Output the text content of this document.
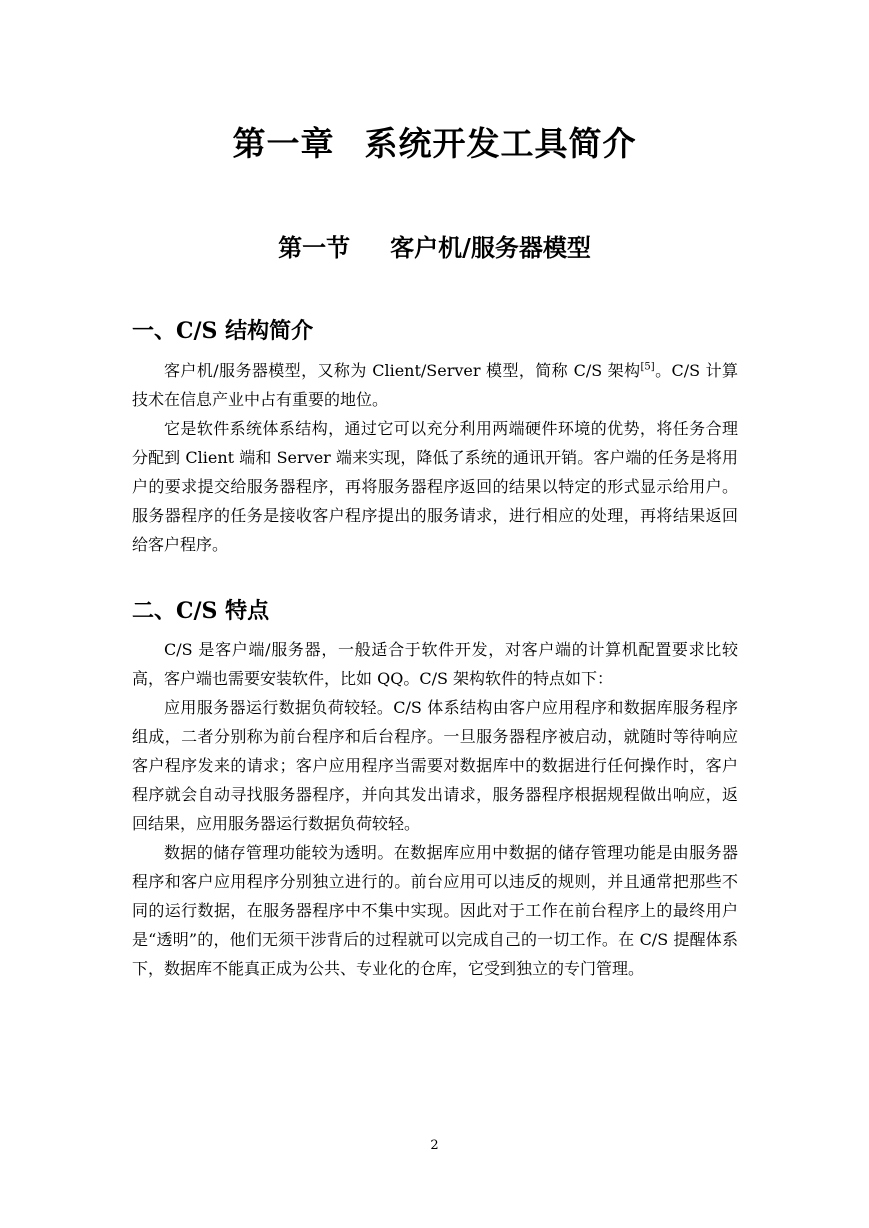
第一章 系统开发工具简介
第一节 客户机/服务器模型
一、C/S 结构简介

客户机/服务器模型，又称为 Client/Server 模型，简称 C/S 架构[5]。C/S 计算技术在信息产业中占有重要的地位。

它是软件系统体系结构，通过它可以充分利用两端硬件环境的优势，将任务合理分配到 Client 端和 Server 端来实现，降低了系统的通讯开销。客户端的任务是将用户的要求提交给服务器程序，再将服务器程序返回的结果以特定的形式显示给用户。服务器程序的任务是接收客户程序提出的服务请求，进行相应的处理，再将结果返回给客户程序。

二、C/S 特点

C/S 是客户端/服务器，一般适合于软件开发，对客户端的计算机配置要求比较高，客户端也需要安装软件，比如 QQ。C/S 架构软件的特点如下：

应用服务器运行数据负荷较轻。C/S 体系结构由客户应用程序和数据库服务程序组成，二者分别称为前台程序和后台程序。一旦服务器程序被启动，就随时等待响应客户程序发来的请求；客户应用程序当需要对数据库中的数据进行任何操作时，客户程序就会自动寻找服务器程序，并向其发出请求，服务器程序根据规程做出响应，返回结果，应用服务器运行数据负荷较轻。

数据的储存管理功能较为透明。在数据库应用中数据的储存管理功能是由服务器程序和客户应用程序分别独立进行的。前台应用可以违反的规则，并且通常把那些不同的运行数据，在服务器程序中不集中实现。因此对于工作在前台程序上的最终用户是“透明”的，他们无须干涉背后的过程就可以完成自己的一切工作。在 C/S 提醒体系下，数据库不能真正成为公共、专业化的仓库，它受到独立的专门管理。

2
